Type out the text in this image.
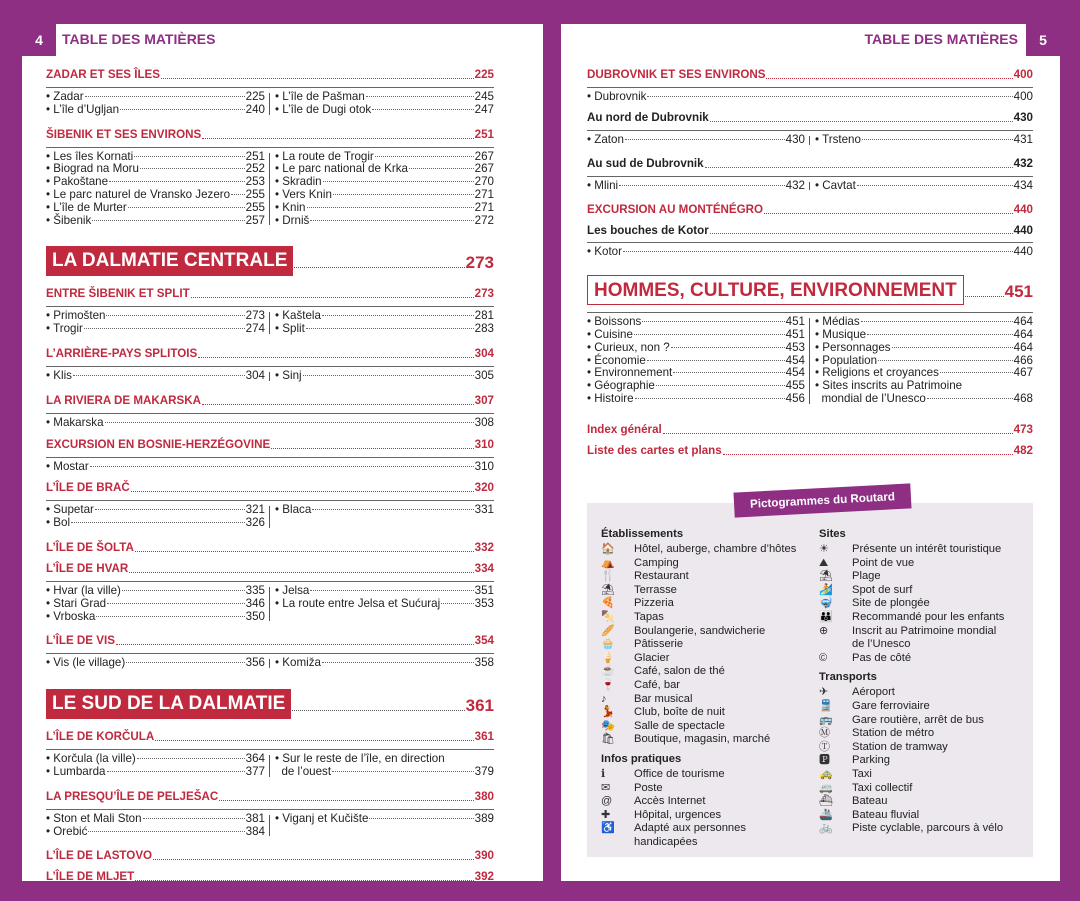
4	TABLE DES MATIÈRES
ZADAR ET SES ÎLES	225
• Zadar	225
• L’île d’Ugljan	240
• L’île de Pašman	245
• L’île de Dugi otok	247
ŠIBENIK ET SES ENVIRONS	251
• Les îles Kornati	251
• Biograd na Moru	252
• Pakoštane	253
• Le parc naturel de Vransko Jezero 255
• L’île de Murter	255
• Šibenik	257
• La route de Trogir	267
• Le parc national de Krka	267
• Skradin	270
• Vers Knin	271
• Knin	271
• Drniš	272
LA DALMATIE CENTRALE	273
ENTRE ŠIBENIK ET SPLIT	273
• Primošten	273
• Trogir	274
• Kaštela	281
• Split	283
L’ARRIÈRE-PAYS SPLITOIS	304
• Klis	304 • Sinj	305
LA RIVIERA DE MAKARSKA	307
• Makarska	308
EXCURSION EN BOSNIE-HERZÉGOVINE	310
• Mostar	310
L’ÎLE DE BRAČ	320
• Supetar	321
• Bol	326
• Blaca	331
L’ÎLE DE ŠOLTA	332
L’ÎLE DE HVAR	334
• Hvar (la ville)	335
• Stari Grad	346
• Vrboska	350
• Jelsa	351
• La route entre Jelsa et Sućuraj	353
L’ÎLE DE VIS	354
• Vis (le village)	356 • Komiža	358
LE SUD DE LA DALMATIE	361
L’ÎLE DE KORČULA	361
• Korčula (la ville)	364
• Lumbarda	377
• Sur le reste de l’île, en direction
de l’ouest	379
LA PRESQU’ÎLE DE PELJEŠAC	380
• Ston et Mali Ston	381
• Orebić	384
• Viganj et Kučište	389
L’ÎLE DE LASTOVO	390
L’ÎLE DE MLJET	392
TABLE DES MATIÈRES	5
DUBROVNIK ET SES ENVIRONS	400
• Dubrovnik	400
Au nord de Dubrovnik	430
• Zaton	430 • Trsteno	431
Au sud de Dubrovnik	432
• Mlini	432 • Cavtat	434
EXCURSION AU MONTÉNÉGRO	440
Les bouches de Kotor	440
• Kotor	440
HOMMES, CULTURE, ENVIRONNEMENT	451
• Boissons	451
• Cuisine	451
• Curieux, non ?	453
• Économie	454
• Environnement	454
• Géographie	455
• Histoire	456
• Médias	464
• Musique	464
• Personnages	464
• Population	466
• Religions et croyances	467
• Sites inscrits au Patrimoine
mondial de l’Unesco	468
Index général	473
Liste des cartes et plans	482
Pictogrammes du Routard
Établissements
🏠	Hôtel, auberge, chambre d’hôtes
⛺	Camping
🍴	Restaurant
⛱	Terrasse
🍕	Pizzeria
🍢	Tapas
🥖	Boulangerie, sandwicherie
🧁	Pâtisserie
🍦	Glacier
☕	Café, salon de thé
🍷	Café, bar
♪	Bar musical
💃	Club, boîte de nuit
🎭	Salle de spectacle
🛍	Boutique, magasin, marché
Infos pratiques
ℹ	Office de tourisme
✉	Poste
@	Accès Internet
✚	Hôpital, urgences
♿	Adapté aux personnes
handicapées
Sites
☀	Présente un intérêt touristique
⛰	Point de vue
⛱	Plage
🏄	Spot de surf
🤿	Site de plongée
👪	Recommandé pour les enfants
⊕	Inscrit au Patrimoine mondial
de l’Unesco
©	Pas de côté
Transports
✈	Aéroport
🚆	Gare ferroviaire
🚌	Gare routière, arrêt de bus
Ⓜ	Station de métro
Ⓣ	Station de tramway
🅿	Parking
🚕	Taxi
🚐	Taxi collectif
⛴	Bateau
🚢	Bateau fluvial
🚲	Piste cyclable, parcours à vélo
